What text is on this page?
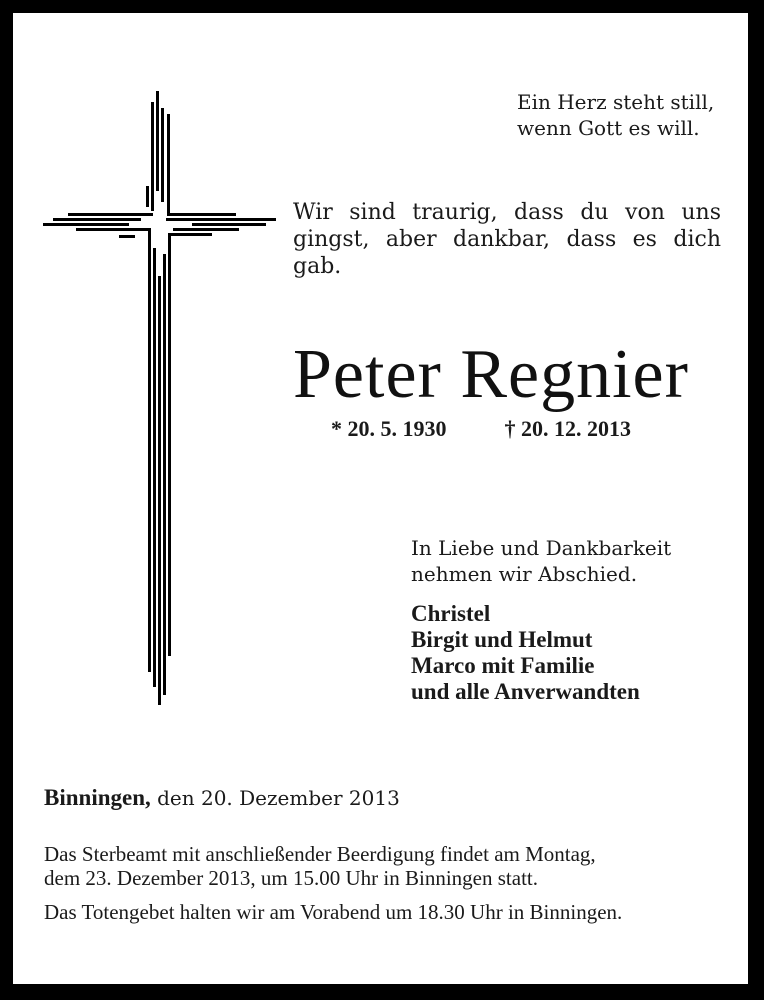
Ein Herz steht still,
wenn Gott es will.

Wir sind traurig, dass du von uns gingst, aber dankbar, dass es dich gab.

Peter Regnier
* 20. 5. 1930	† 20. 12. 2013
In Liebe und Dankbarkeit
nehmen wir Abschied.
Christel
Birgit und Helmut
Marco mit Familie
und alle Anverwandten
Binningen, den 20. Dezember 2013
Das Sterbeamt mit anschließender Beerdigung findet am Montag,
dem 23. Dezember 2013, um 15.00 Uhr in Binningen statt.
Das Totengebet halten wir am Vorabend um 18.30 Uhr in Binningen.
